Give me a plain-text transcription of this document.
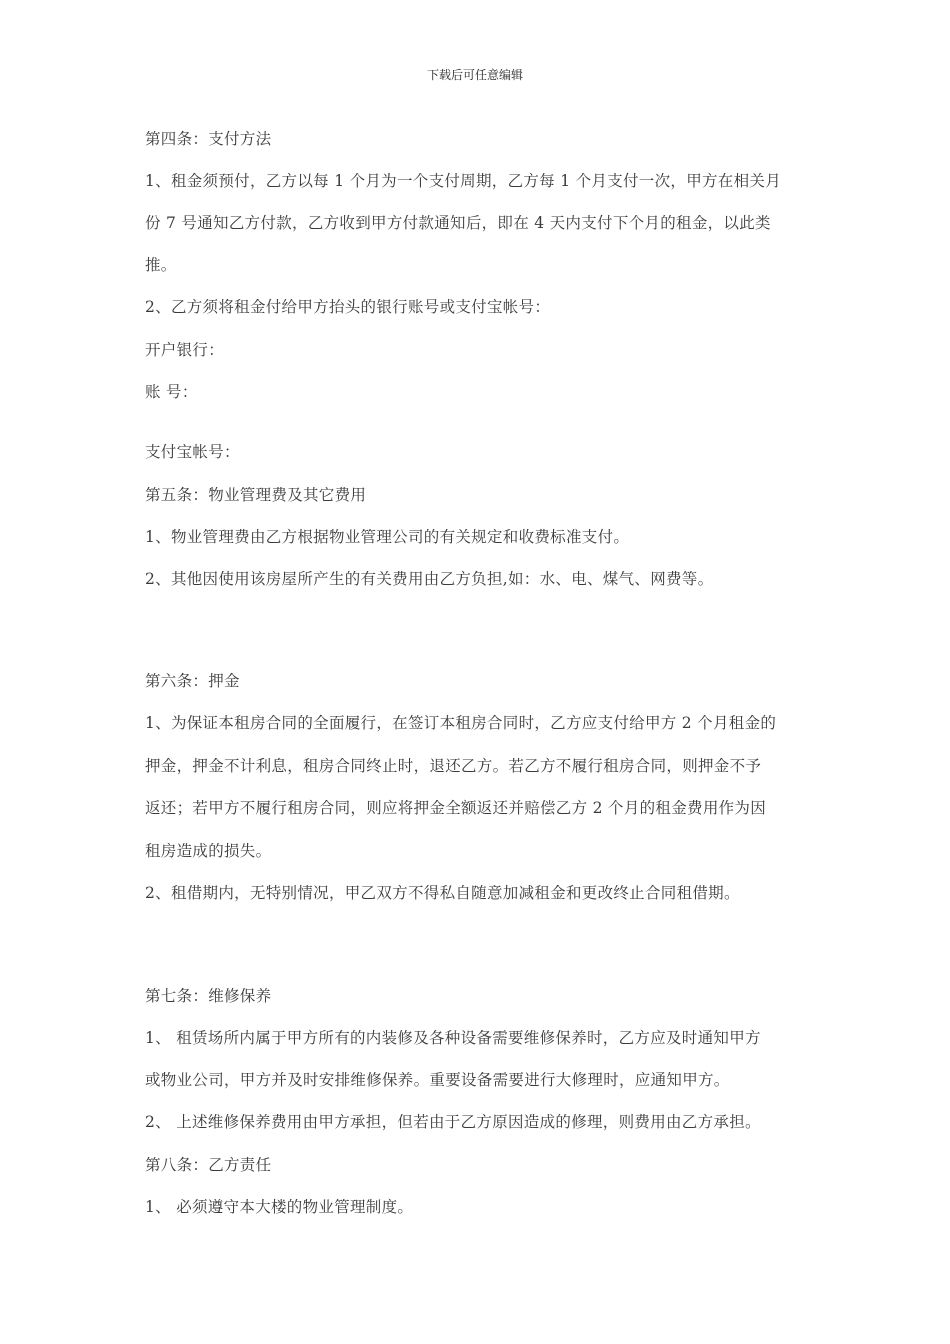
下载后可任意编辑
第四条：支付方法
1、租金须预付，乙方以每 1 个月为一个支付周期，乙方每 1 个月支付一次，甲方在相关月
份 7 号通知乙方付款，乙方收到甲方付款通知后，即在 4 天内支付下个月的租金，以此类
推。
2、乙方须将租金付给甲方抬头的银行账号或支付宝帐号：
开户银行：
账 号：
支付宝帐号：
第五条：物业管理费及其它费用
1、物业管理费由乙方根据物业管理公司的有关规定和收费标准支付。
2、其他因使用该房屋所产生的有关费用由乙方负担,如：水、电、煤气、网费等。
第六条：押金
1、为保证本租房合同的全面履行，在签订本租房合同时，乙方应支付给甲方 2 个月租金的
押金，押金不计利息，租房合同终止时，退还乙方。若乙方不履行租房合同，则押金不予
返还；若甲方不履行租房合同，则应将押金全额返还并赔偿乙方 2 个月的租金费用作为因
租房造成的损失。
2、租借期内，无特别情况，甲乙双方不得私自随意加减租金和更改终止合同租借期。
第七条：维修保养
1、 租赁场所内属于甲方所有的内装修及各种设备需要维修保养时，乙方应及时通知甲方
或物业公司，甲方并及时安排维修保养。重要设备需要进行大修理时，应通知甲方。
2、 上述维修保养费用由甲方承担，但若由于乙方原因造成的修理，则费用由乙方承担。
第八条：乙方责任
1、 必须遵守本大楼的物业管理制度。
